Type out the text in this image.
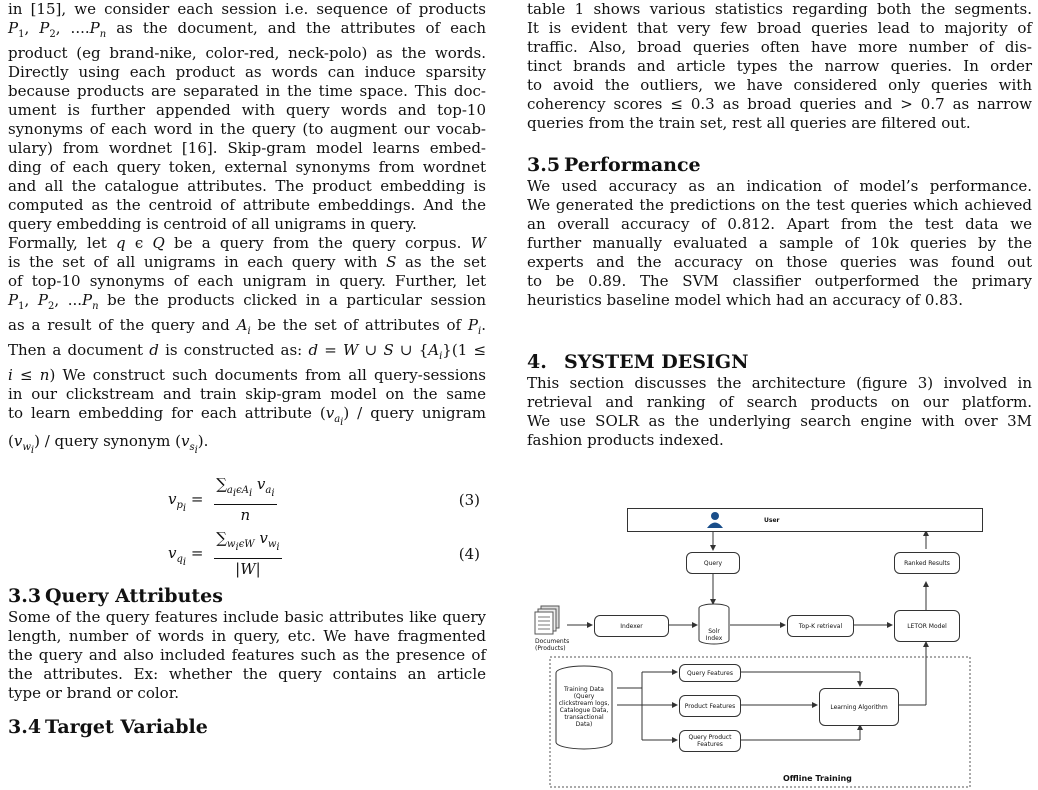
in [15], we consider each session i.e. sequence of products
$P_1$, $P_2$, $....P_n$ as the document, and the attributes of each
product (eg brand-nike, color-red, neck-polo) as the words.
Directly using each product as words can induce sparsity
because products are separated in the time space. This doc-
ument is further appended with query words and top-10
synonyms of each word in the query (to augment our vocab-
ulary) from wordnet [16]. Skip-gram model learns embed-
ding of each query token, external synonyms from wordnet
and all the catalogue attributes. The product embedding is
computed as the centroid of attribute embeddings. And the
query embedding is centroid of all unigrams in query.

Formally, let q ϵ Q be a query from the query corpus. W
is the set of all unigrams in each query with S as the set
of top-10 synonyms of each unigram in query. Further, let
$P_1$, $P_2$, $...P_n$ be the products clicked in a particular session
as a result of the query and $A_i$ be the set of attributes of $P_i$.
Then a document d is constructed as: d = W ∪ S ∪ $\{A_i\}(1$ ≤
i ≤ n) We construct such documents from all query-sessions
in our clickstream and train skip-gram model on the same
to learn embedding for each attribute $(v_{a_i})$ / query unigram
$(v_{w_i})$ / query synonym $(v_{s_i})$.

$v_{p_i} = \frac{\sum_{a_i\epsilon A_i} v_{a_i}}{n}$	(3)
$v_{q_i} = \frac{\sum_{w_i\epsilon W} v_{w_i}}{|W|}$	(4)
3.3 Query Attributes

Some of the query features include basic attributes like query
length, number of words in query, etc. We have fragmented
the query and also included features such as the presence of
the attributes. Ex: whether the query contains an article
type or brand or color.

3.4 Target Variable

table 1 shows various statistics regarding both the segments.
It is evident that very few broad queries lead to majority of
traffic. Also, broad queries often have more number of dis-
tinct brands and article types the narrow queries. In order
to avoid the outliers, we have considered only queries with
coherency scores ≤ 0.3 as broad queries and > 0.7 as narrow
queries from the train set, rest all queries are filtered out.

3.5 Performance

We used accuracy as an indication of model’s performance.
We generated the predictions on the test queries which achieved
an overall accuracy of 0.812. Apart from the test data we
further manually evaluated a sample of 10k queries by the
experts and the accuracy on those queries was found out
to be 0.89. The SVM classifier outperformed the primary
heuristics baseline model which had an accuracy of 0.83.

4. SYSTEM DESIGN

This section discusses the architecture (figure 3) involved in
retrieval and ranking of search products on our platform.
We use SOLR as the underlying search engine with over 3M
fashion products indexed.

User
Query	Ranked Results
Indexer
Solr Index
Top-K retrieval	LETOR Model
Documents
(Products)
Training Data
(Query
clickstream logs,
Catalogue Data,
transactional
Data)
Query Features
Product Features
Query Product
Features
Learning Algorithm
Offline Training
